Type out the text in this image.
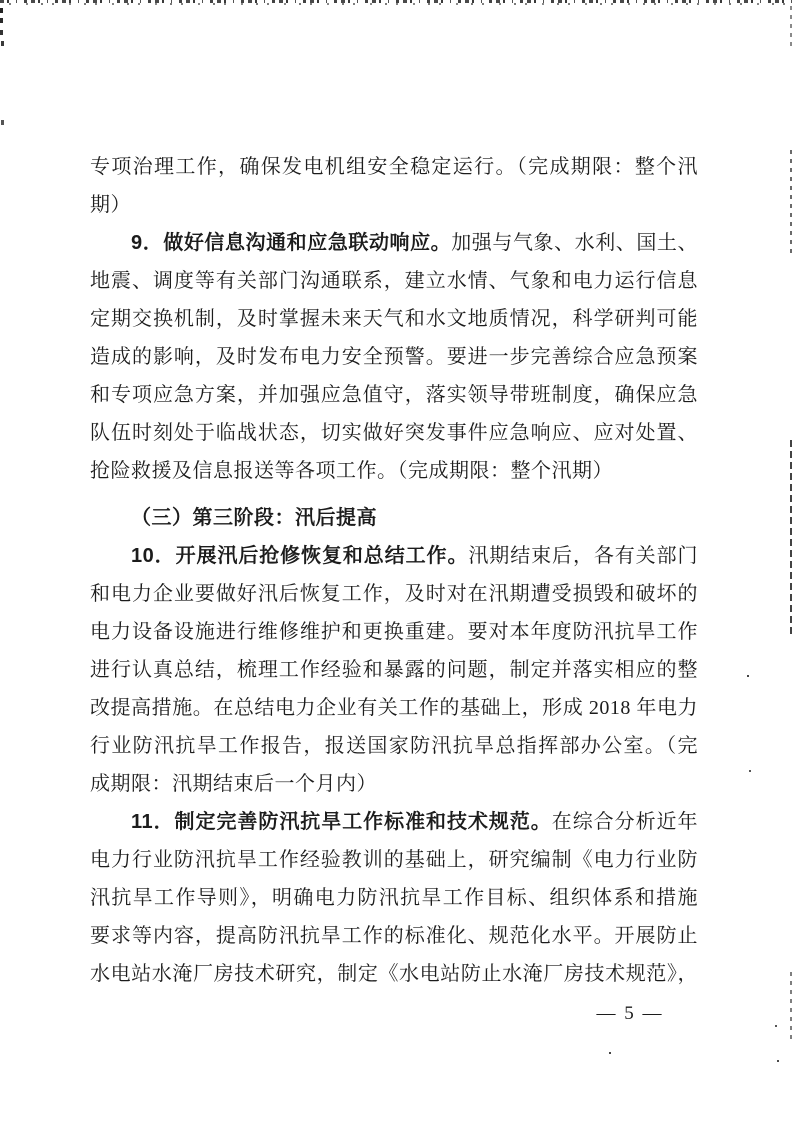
专项治理工作，确保发电机组安全稳定运行。（完成期限：整个汛
期）
9．做好信息沟通和应急联动响应。加强与气象、水利、国土、
地震、调度等有关部门沟通联系，建立水情、气象和电力运行信息
定期交换机制，及时掌握未来天气和水文地质情况，科学研判可能
造成的影响，及时发布电力安全预警。要进一步完善综合应急预案
和专项应急方案，并加强应急值守，落实领导带班制度，确保应急
队伍时刻处于临战状态，切实做好突发事件应急响应、应对处置、
抢险救援及信息报送等各项工作。（完成期限：整个汛期）
（三）第三阶段：汛后提高
10．开展汛后抢修恢复和总结工作。汛期结束后，各有关部门
和电力企业要做好汛后恢复工作，及时对在汛期遭受损毁和破坏的
电力设备设施进行维修维护和更换重建。要对本年度防汛抗旱工作
进行认真总结，梳理工作经验和暴露的问题，制定并落实相应的整
改提高措施。在总结电力企业有关工作的基础上，形成 2018 年电力
行业防汛抗旱工作报告，报送国家防汛抗旱总指挥部办公室。（完
成期限：汛期结束后一个月内）
11．制定完善防汛抗旱工作标准和技术规范。在综合分析近年
电力行业防汛抗旱工作经验教训的基础上，研究编制《电力行业防
汛抗旱工作导则》，明确电力防汛抗旱工作目标、组织体系和措施
要求等内容，提高防汛抗旱工作的标准化、规范化水平。开展防止
水电站水淹厂房技术研究，制定《水电站防止水淹厂房技术规范》，
— 5 —
